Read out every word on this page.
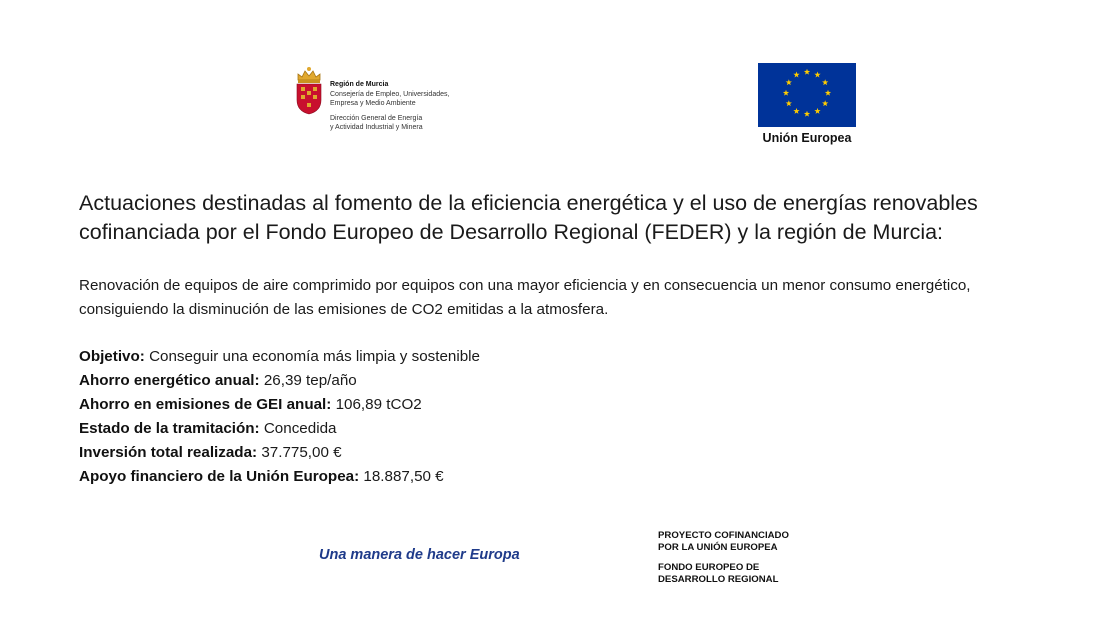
Región de Murcia
Consejería de Empleo, Universidades,
Empresa y Medio Ambiente
Dirección General de Energía
y Actividad Industrial y Minera
Unión Europea
Actuaciones destinadas al fomento de la eficiencia energética y el uso de energías renovables cofinanciada por el Fondo Europeo de Desarrollo Regional (FEDER) y la región de Murcia:

Renovación de equipos de aire comprimido por equipos con una mayor eficiencia y en consecuencia un menor consumo energético, consiguiendo la disminución de las emisiones de CO2 emitidas a la atmosfera.

Objetivo: Conseguir una economía más limpia y sostenible
Ahorro energético anual: 26,39 tep/año
Ahorro en emisiones de GEI anual: 106,89 tCO2
Estado de la tramitación: Concedida
Inversión total realizada: 37.775,00 €
Apoyo financiero de la Unión Europea: 18.887,50 €
Una manera de hacer Europa
PROYECTO COFINANCIADO
POR LA UNIÓN EUROPEA
FONDO EUROPEO DE
DESARROLLO REGIONAL
